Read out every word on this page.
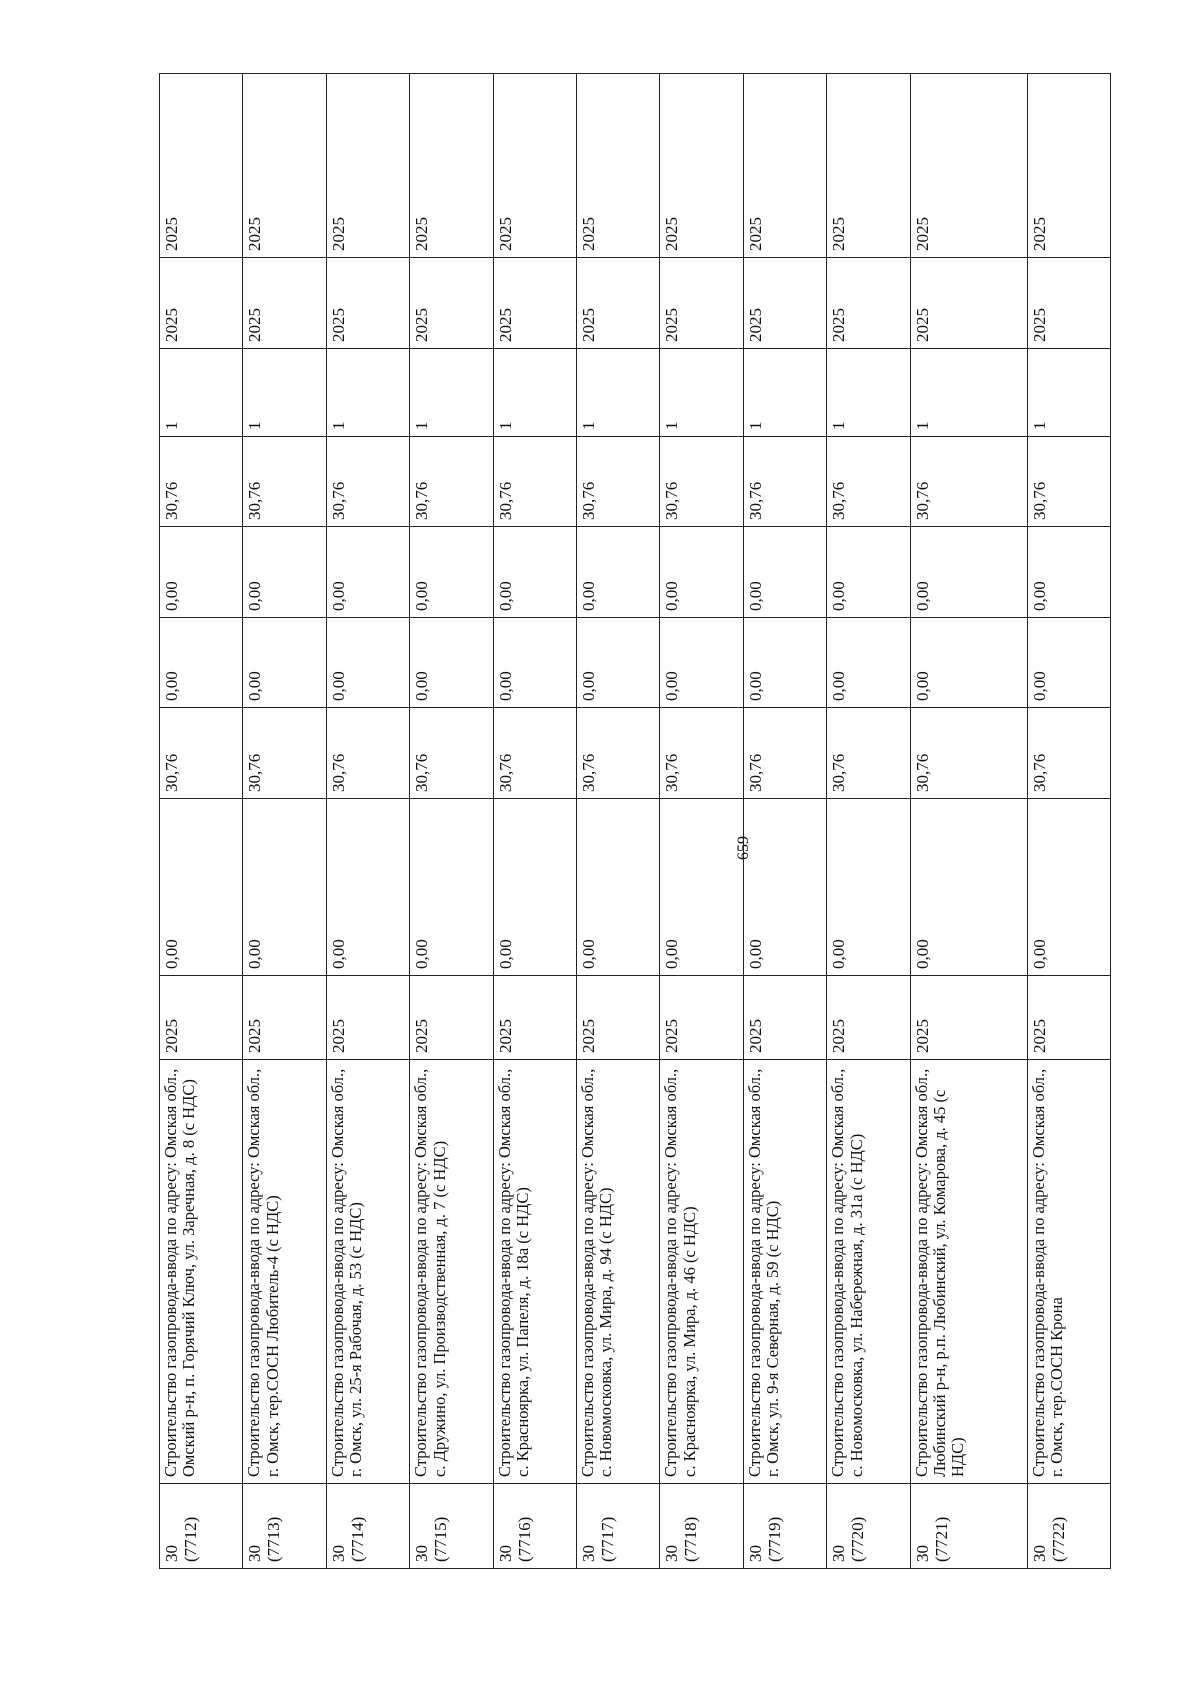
659
30 (7712)	Строительство газопровода-ввода по адресу: Омская обл., Омский р-н, п. Горячий Ключ, ул. Заречная, д. 8 (с НДС)	2025	0,00	30,76	0,00	0,00	30,76	1	2025	2025

30 (7713)	Строительство газопровода-ввода по адресу: Омская обл., г. Омск, тер.СОСН Любитель-4 (с НДС)	2025	0,00	30,76	0,00	0,00	30,76	1	2025	2025

30 (7714)	Строительство газопровода-ввода по адресу: Омская обл., г. Омск, ул. 25-я Рабочая, д. 53 (с НДС)	2025	0,00	30,76	0,00	0,00	30,76	1	2025	2025

30 (7715)	Строительство газопровода-ввода по адресу: Омская обл., с. Дружино, ул. Производственная, д. 7 (с НДС)	2025	0,00	30,76	0,00	0,00	30,76	1	2025	2025

30 (7716)	Строительство газопровода-ввода по адресу: Омская обл., с. Красноярка, ул. Папеля, д. 18а (с НДС)	2025	0,00	30,76	0,00	0,00	30,76	1	2025	2025

30 (7717)	Строительство газопровода-ввода по адресу: Омская обл., с. Новомосковка, ул. Мира, д. 94 (с НДС)	2025	0,00	30,76	0,00	0,00	30,76	1	2025	2025

30 (7718)	Строительство газопровода-ввода по адресу: Омская обл., с. Красноярка, ул. Мира, д. 46 (с НДС)	2025	0,00	30,76	0,00	0,00	30,76	1	2025	2025

30 (7719)	Строительство газопровода-ввода по адресу: Омская обл., г. Омск, ул. 9-я Северная, д. 59 (с НДС)	2025	0,00	30,76	0,00	0,00	30,76	1	2025	2025

30 (7720)	Строительство газопровода-ввода по адресу: Омская обл., с. Новомосковка, ул. Набережная, д. 31а (с НДС)	2025	0,00	30,76	0,00	0,00	30,76	1	2025	2025

30 (7721)	Строительство газопровода-ввода по адресу: Омская обл., Любинский р-н, р.п. Любинский, ул. Комарова, д. 45 (с НДС)	2025	0,00	30,76	0,00	0,00	30,76	1	2025	2025

30 (7722)	Строительство газопровода-ввода по адресу: Омская обл., г. Омск, тер.СОСН Крона	2025	0,00	30,76	0,00	0,00	30,76	1	2025	2025
